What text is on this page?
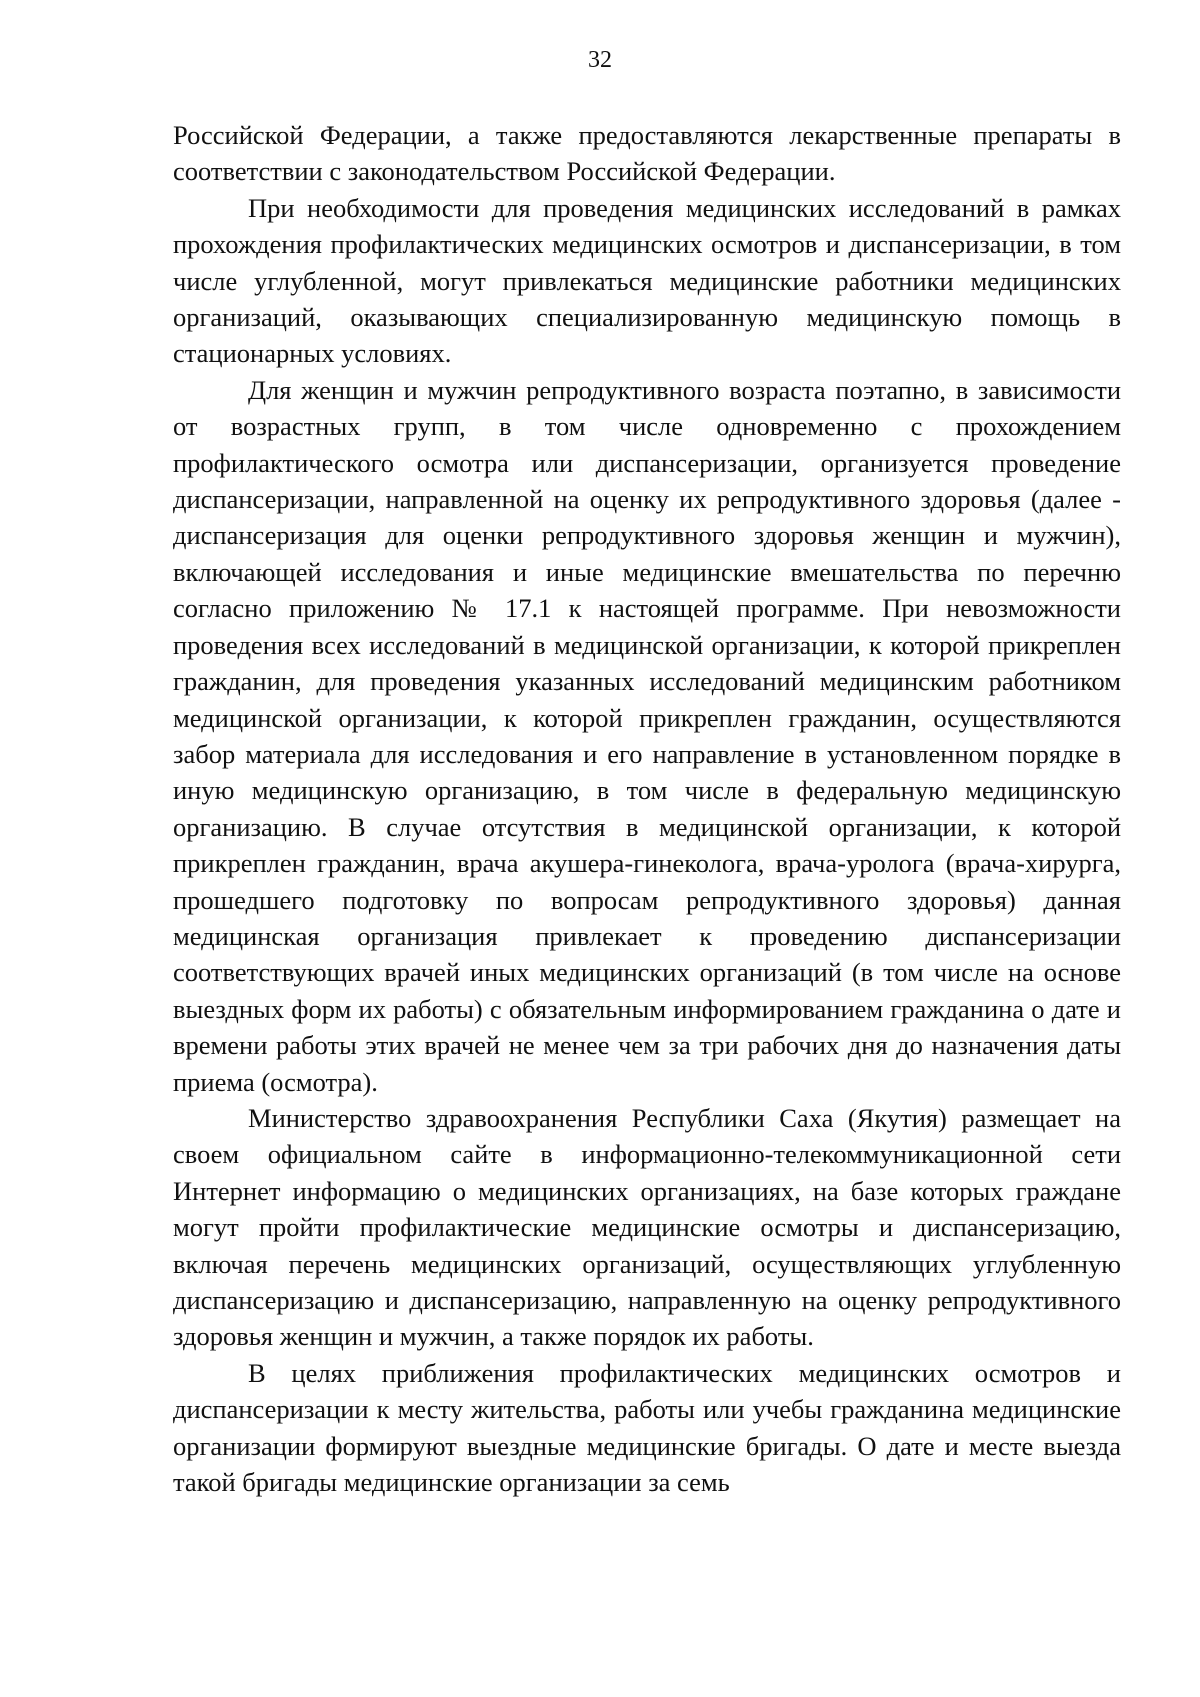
32

Российской Федерации, а также предоставляются лекарственные препараты в соответствии с законодательством Российской Федерации.

При необходимости для проведения медицинских исследований в рамках прохождения профилактических медицинских осмотров и диспансеризации, в том числе углубленной, могут привлекаться медицинские работники медицинских организаций, оказывающих специализированную медицинскую помощь в стационарных условиях.

Для женщин и мужчин репродуктивного возраста поэтапно, в зависимости от возрастных групп, в том числе одновременно с прохождением профилактического осмотра или диспансеризации, организуется проведение диспансеризации, направленной на оценку их репродуктивного здоровья (далее - диспансеризация для оценки репродуктивного здоровья женщин и мужчин), включающей исследования и иные медицинские вмешательства по перечню согласно приложению № 17.1 к настоящей программе. При невозможности проведения всех исследований в медицинской организации, к которой прикреплен гражданин, для проведения указанных исследований медицинским работником медицинской организации, к которой прикреплен гражданин, осуществляются забор материала для исследования и его направление в установленном порядке в иную медицинскую организацию, в том числе в федеральную медицинскую организацию. В случае отсутствия в медицинской организации, к которой прикреплен гражданин, врача акушера-гинеколога, врача-уролога (врача-хирурга, прошедшего подготовку по вопросам репродуктивного здоровья) данная медицинская организация привлекает к проведению диспансеризации соответствующих врачей иных медицинских организаций (в том числе на основе выездных форм их работы) с обязательным информированием гражданина о дате и времени работы этих врачей не менее чем за три рабочих дня до назначения даты приема (осмотра).

Министерство здравоохранения Республики Саха (Якутия) размещает на своем официальном сайте в информационно-телекоммуникационной сети Интернет информацию о медицинских организациях, на базе которых граждане могут пройти профилактические медицинские осмотры и диспансеризацию, включая перечень медицинских организаций, осуществляющих углубленную диспансеризацию и диспансеризацию, направленную на оценку репродуктивного здоровья женщин и мужчин, а также порядок их работы.

В целях приближения профилактических медицинских осмотров и диспансеризации к месту жительства, работы или учебы гражданина медицинские организации формируют выездные медицинские бригады. О дате и месте выезда такой бригады медицинские организации за семь
